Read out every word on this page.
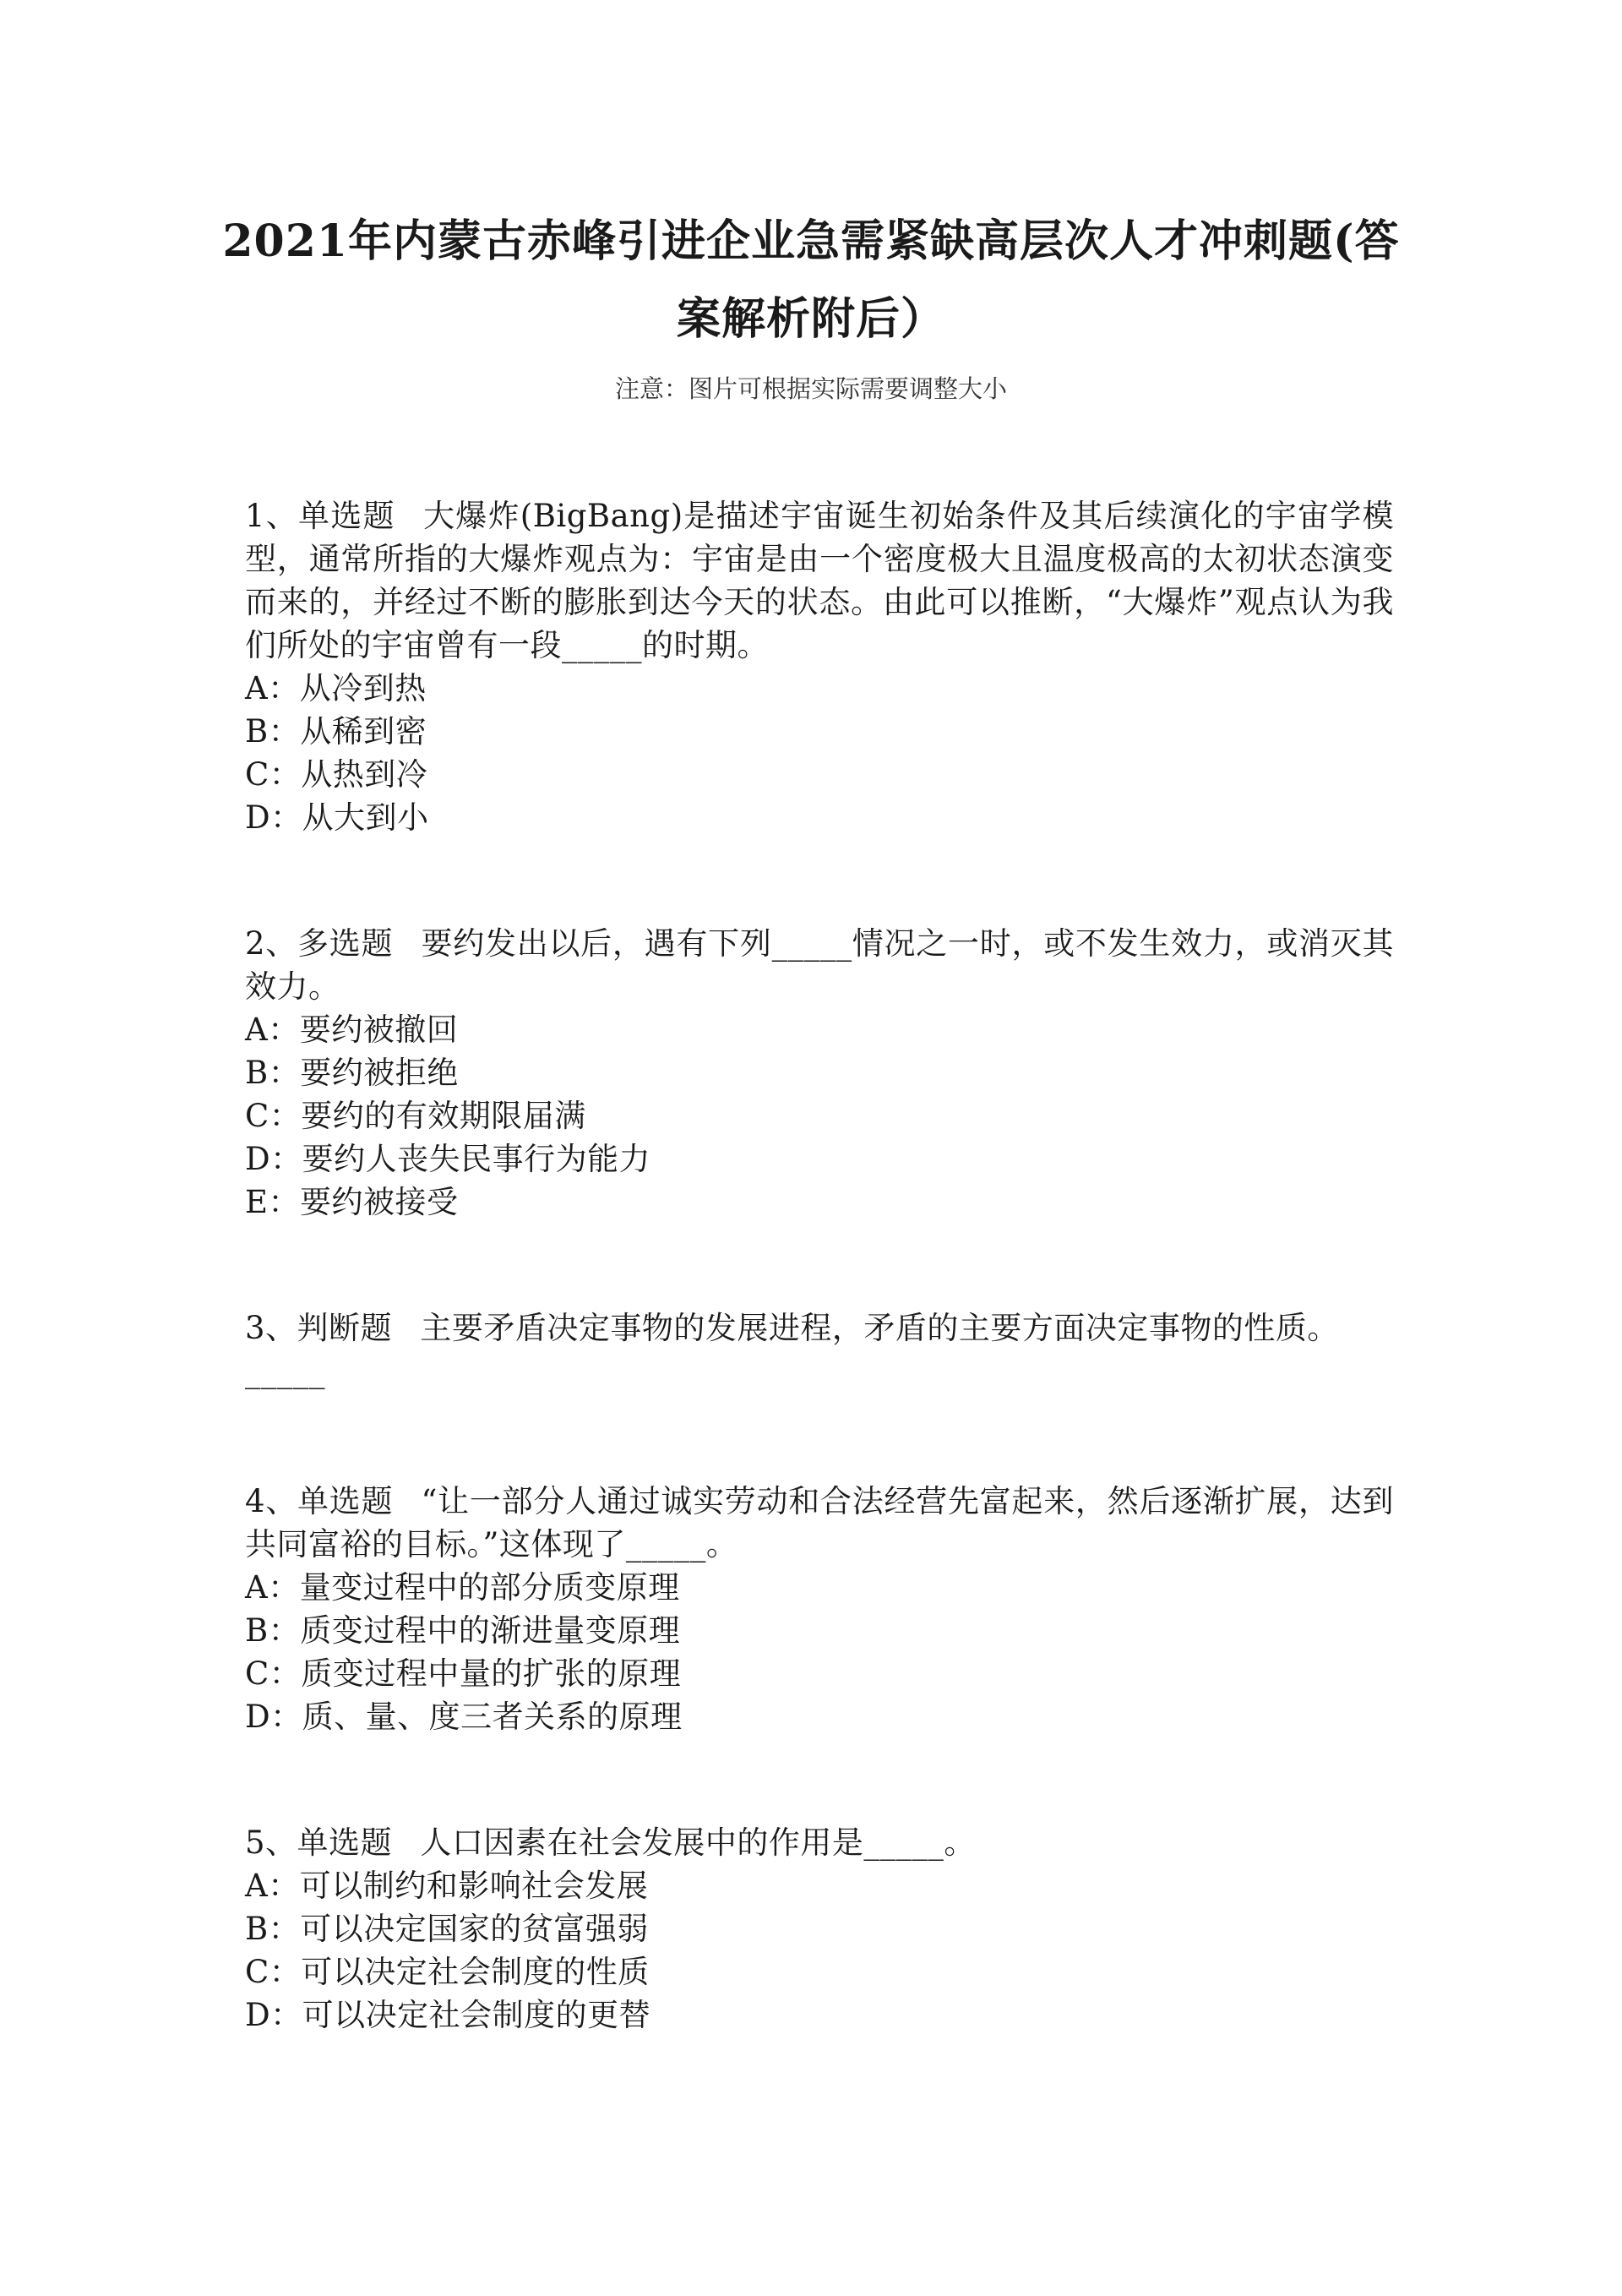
2021年内蒙古赤峰引进企业急需紧缺高层次人才冲刺题(答
案解析附后）
注意：图片可根据实际需要调整大小

1、单选题 大爆炸(BigBang)是描述宇宙诞生初始条件及其后续演化的宇宙学模型，通常所指的大爆炸观点为：宇宙是由一个密度极大且温度极高的太初状态演变而来的，并经过不断的膨胀到达今天的状态。由此可以推断，“大爆炸”观点认为我们所处的宇宙曾有一段_____的时期。

A：从冷到热
B：从稀到密
C：从热到冷
D：从大到小

2、多选题 要约发出以后，遇有下列_____情况之一时，或不发生效力，或消灭其效力。

A：要约被撤回
B：要约被拒绝
C：要约的有效期限届满
D：要约人丧失民事行为能力
E：要约被接受

3、判断题 主要矛盾决定事物的发展进程，矛盾的主要方面决定事物的性质。
_____

4、单选题 “让一部分人通过诚实劳动和合法经营先富起来，然后逐渐扩展，达到共同富裕的目标。”这体现了_____。

A：量变过程中的部分质变原理
B：质变过程中的渐进量变原理
C：质变过程中量的扩张的原理
D：质、量、度三者关系的原理

5、单选题 人口因素在社会发展中的作用是_____。

A：可以制约和影响社会发展
B：可以决定国家的贫富强弱
C：可以决定社会制度的性质
D：可以决定社会制度的更替
